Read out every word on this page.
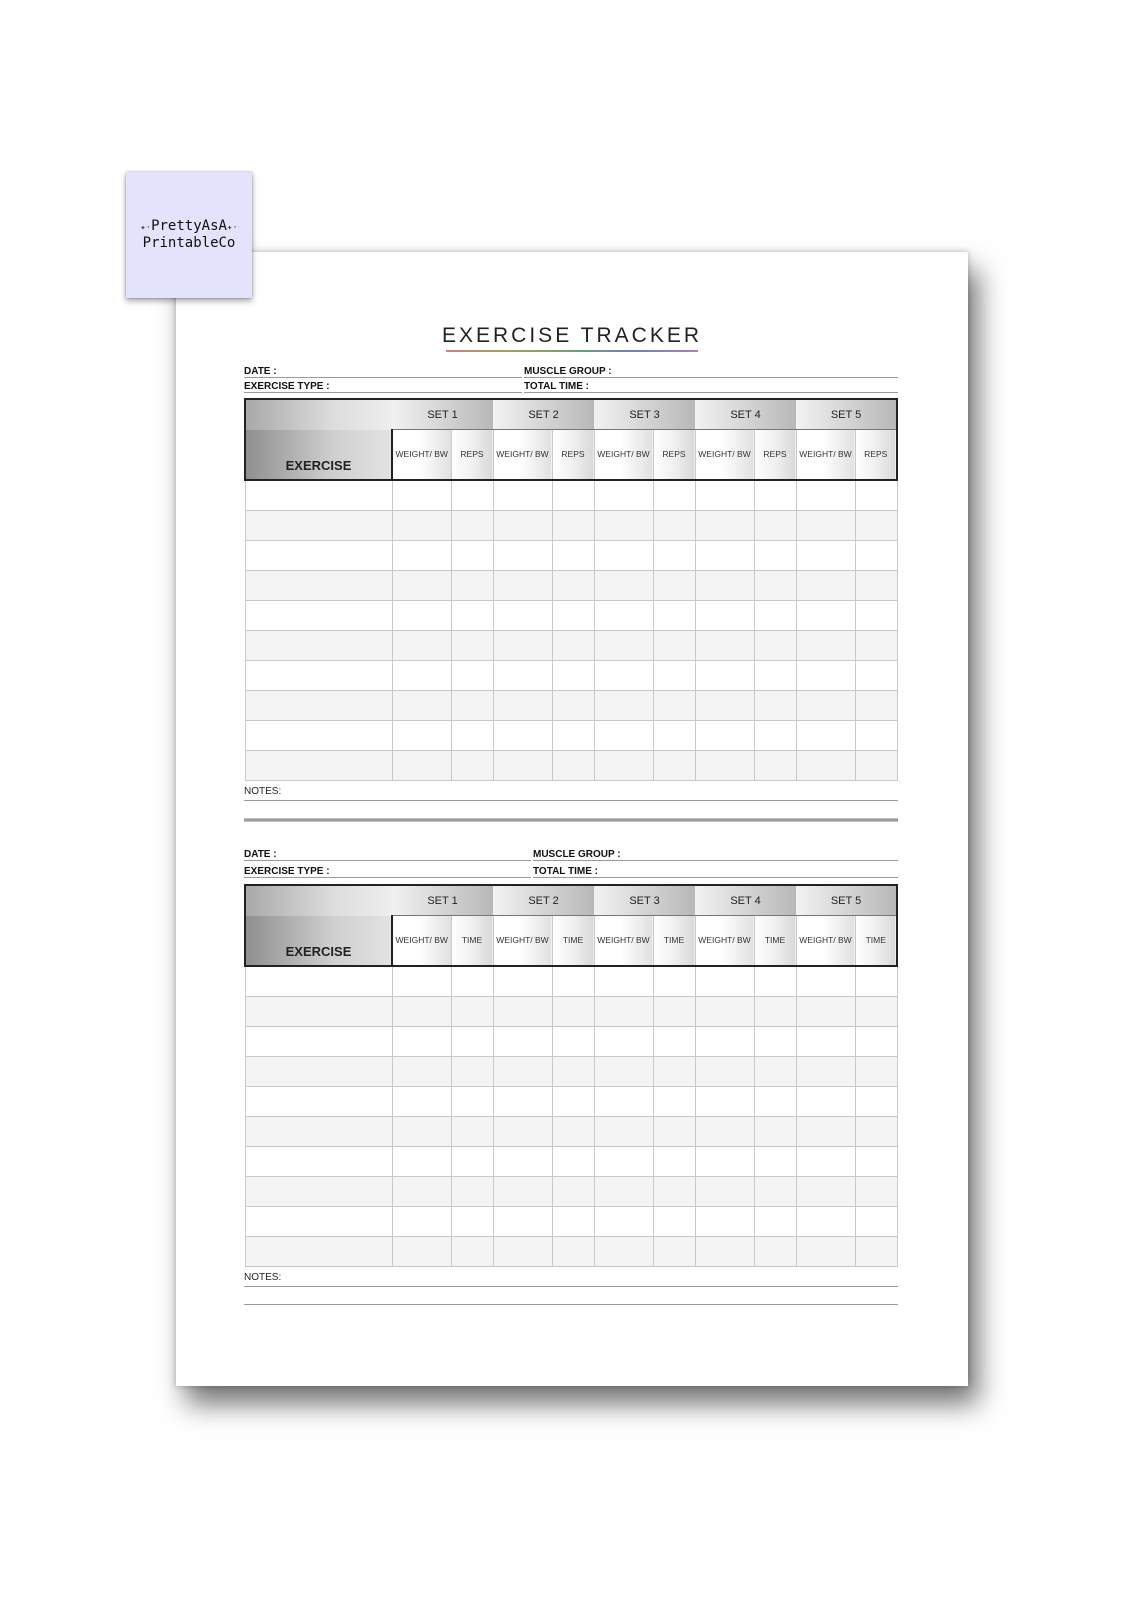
✦·PrettyAsA✦·
PrintableCo
EXERCISE TRACKER
DATE :	MUSCLE GROUP :
EXERCISE TYPE :	TOTAL TIME :
	SET 1		SET 2		SET 3		SET 4		SET 5	
EXERCISE	WEIGHT/ BW	REPS	WEIGHT/ BW	REPS	WEIGHT/ BW	REPS	WEIGHT/ BW	REPS	WEIGHT/ BW	REPS

NOTES:
DATE :	MUSCLE GROUP :
EXERCISE TYPE :	TOTAL TIME :
	SET 1		SET 2		SET 3		SET 4		SET 5	
EXERCISE	WEIGHT/ BW	TIME	WEIGHT/ BW	TIME	WEIGHT/ BW	TIME	WEIGHT/ BW	TIME	WEIGHT/ BW	TIME

NOTES:
